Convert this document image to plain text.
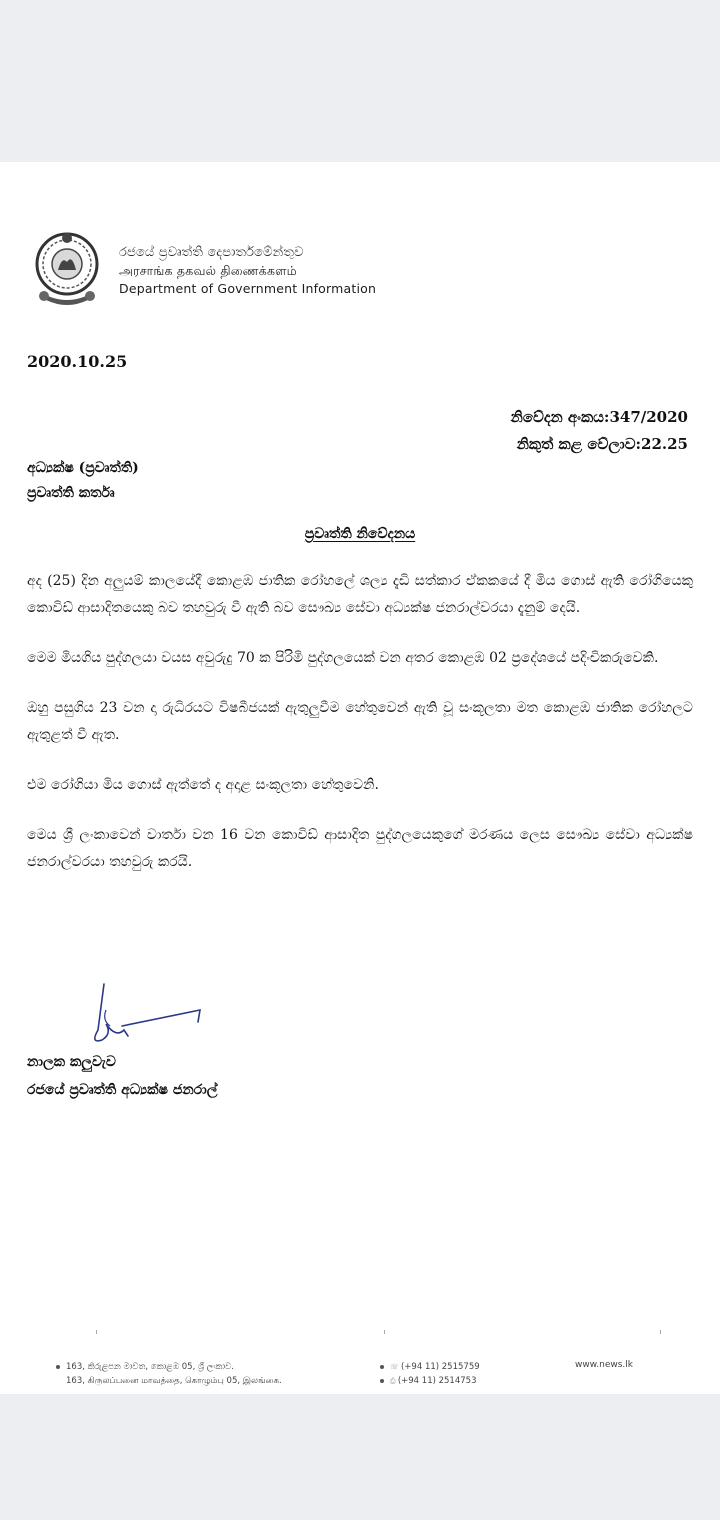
රජයේ ප්‍රවෘත්ති දෙපාර්තමේන්තුව
அரசாங்க தகவல் திணைக்களம்
Department of Government Information
2020.10.25
නිවේදන අංකය:347/2020
නිකුත් කළ වේලාව:22.25
අධ්‍යක්ෂ (ප්‍රවෘත්ති)
ප්‍රවෘත්ති කර්තෘ
ප්‍රවෘත්ති නිවේදනය

අද (25) දින අලුයම් කාලයේදී කොළඹ ජාතික රෝහලේ ශල්‍ය දැඩි සත්කාර ඒකකයේ දී මිය ගොස් ඇති රෝගියෙකු කොවිඩ් ආසාදිතයෙකු බව තහවුරු වී ඇති බව සෞඛ්‍ය සේවා අධ්‍යක්ෂ ජනරාල්වරයා දැනුම් දෙයි.

මෙම මියගිය පුද්ගලයා වයස අවුරුදු 70 ක පිරිමි පුද්ගලයෙක් වන අතර කොළඹ 02 ප්‍රදේශයේ පදිංචිකරුවෙකි.

ඔහු පසුගිය 23 වන දා රුධිරයට විෂබීජයක් ඇතුලුවීම හේතුවෙන් ඇති වූ සංකූලතා මත කොළඹ ජාතික රෝහලට ඇතුළත් වී ඇත.

එම රෝගියා මිය ගොස් ඇත්තේ ද අදාළ සංකූලතා හේතුවෙනි.

මෙය ශ්‍රී ලංකාවෙන් වාර්තා වන 16 වන කොවිඩ් ආසාදිත පුද්ගලයෙකුගේ මරණය ලෙස සෞඛ්‍ය සේවා අධ්‍යක්ෂ ජනරාල්වරයා තහවුරු කරයි.

නාලක කලුවැව
රජයේ ප්‍රවෘත්ති අධ්‍යක්ෂ ජනරාල්
163, කිරුළපන මාවත, කොළඹ 05, ශ්‍රී ලංකාව.
163, கிருலப்பனை மாவத்தை, கொழும்பு 05, இலங்கை.
☏ (+94 11) 2515759
⎙ (+94 11) 2514753
www.news.lk
